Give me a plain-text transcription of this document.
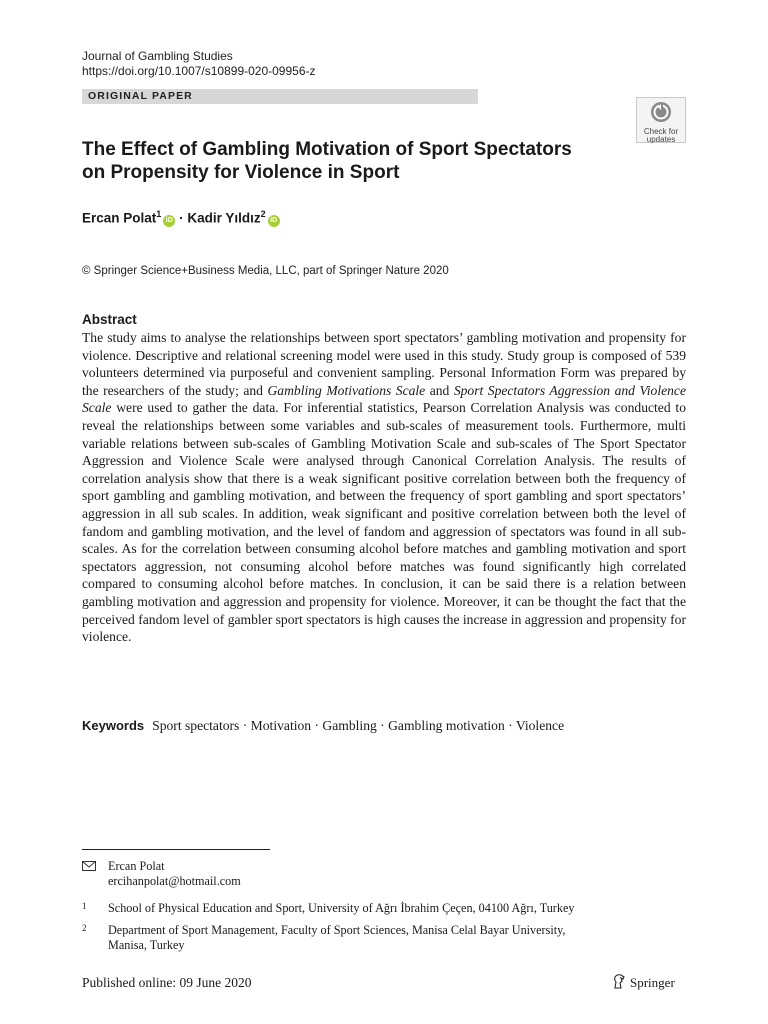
Journal of Gambling Studies
https://doi.org/10.1007/s10899-020-09956-z
ORIGINAL PAPER
Check for
updates
The Effect of Gambling Motivation of Sport Spectators
on Propensity for Violence in Sport
Ercan Polat$^1$iD · Kadir Yıldız$^2$iD
© Springer Science+Business Media, LLC, part of Springer Nature 2020
Abstract
The study aims to analyse the relationships between sport spectators’ gambling motivation and propensity for violence. Descriptive and relational screening model were used in this study. Study group is composed of 539 volunteers determined via purposeful and convenient sampling. Personal Information Form was prepared by the researchers of the study; and Gambling Motivations Scale and Sport Spectators Aggression and Violence Scale were used to gather the data. For inferential statistics, Pearson Correlation Analysis was conducted to reveal the relationships between some variables and sub-scales of measurement tools. Furthermore, multi variable relations between sub-scales of Gambling Motivation Scale and sub-scales of The Sport Spectator Aggression and Violence Scale were analysed through Canonical Correlation Analysis. The results of correlation analysis show that there is a weak significant positive correlation between both the frequency of sport gambling and gambling motivation, and between the frequency of sport gambling and sport spectators’ aggression in all sub scales. In addition, weak significant and positive correlation between both the level of fandom and gambling motivation, and the level of fandom and aggression of spectators was found in all sub-scales. As for the correlation between consuming alcohol before matches and gambling motivation and sport spectators aggression, not consuming alcohol before matches was found significantly high correlated compared to consuming alcohol before matches. In conclusion, it can be said there is a relation between gambling motivation and aggression and propensity for violence. Moreover, it can be thought the fact that the perceived fandom level of gambler sport spectators is high causes the increase in aggression and propensity for violence.
Keywords Sport spectators · Motivation · Gambling · Gambling motivation · Violence
Ercan Polat
ercihanpolat@hotmail.com
1 School of Physical Education and Sport, University of Ağrı İbrahim Çeçen, 04100 Ağrı, Turkey
2 Department of Sport Management, Faculty of Sport Sciences, Manisa Celal Bayar University,
Manisa, Turkey
Published online: 09 June 2020	Springer
